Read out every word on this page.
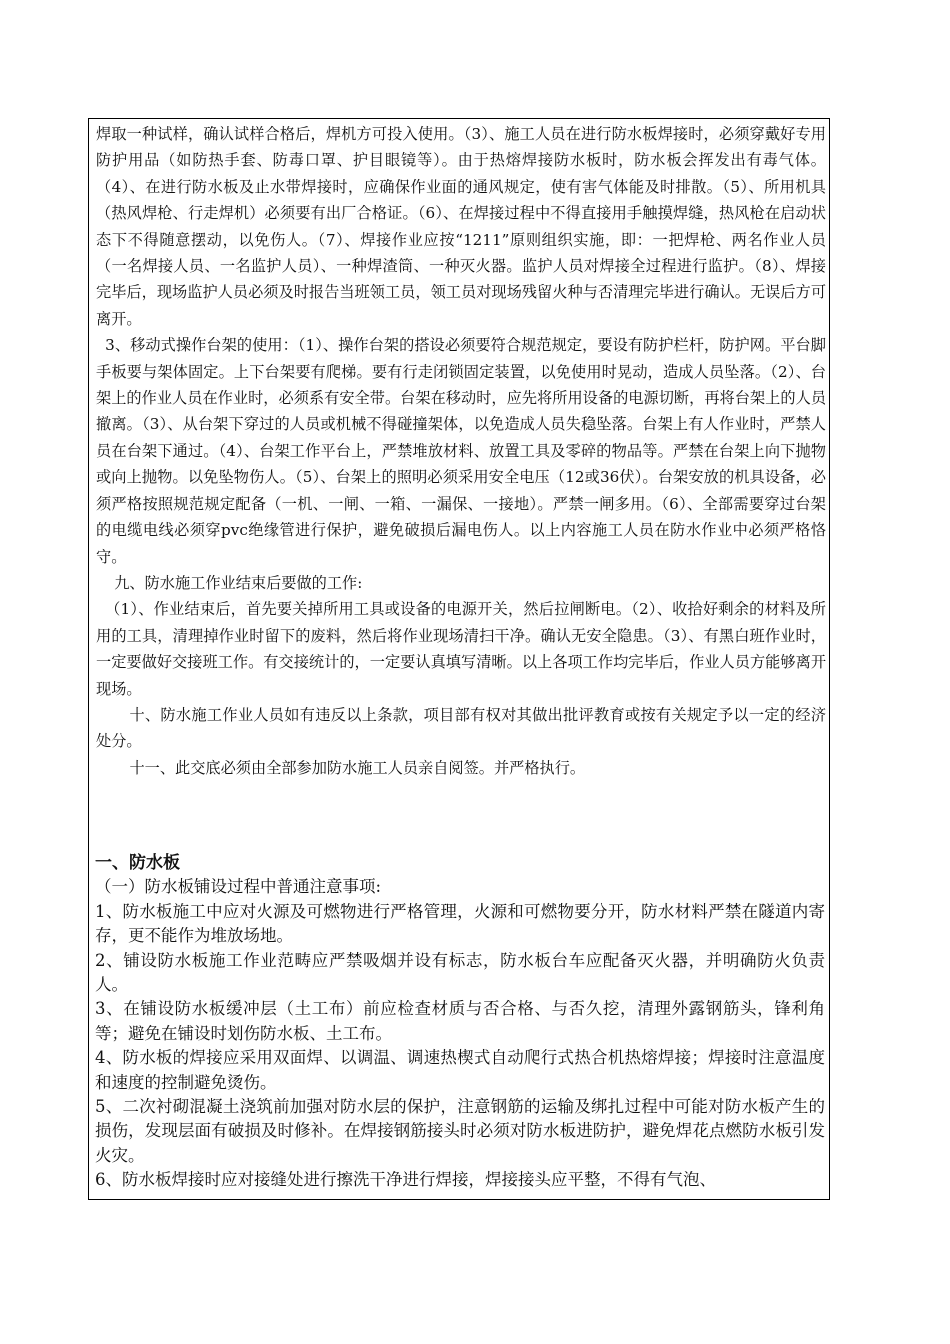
焊取一种试样，确认试样合格后，焊机方可投入使用。（3）、施工人员在进行防水板焊接时，必须穿戴好专用防护用品（如防热手套、防毒口罩、护目眼镜等）。由于热熔焊接防水板时，防水板会挥发出有毒气体。（4）、在进行防水板及止水带焊接时，应确保作业面的通风规定，使有害气体能及时排散。（5）、所用机具（热风焊枪、行走焊机）必须要有出厂合格证。（6）、在焊接过程中不得直接用手触摸焊缝，热风枪在启动状态下不得随意摆动，以免伤人。（7）、焊接作业应按“1211”原则组织实施，即：一把焊枪、两名作业人员（一名焊接人员、一名监护人员）、一种焊渣筒、一种灭火器。监护人员对焊接全过程进行监护。（8）、焊接完毕后，现场监护人员必须及时报告当班领工员，领工员对现场残留火种与否清理完毕进行确认。无误后方可离开。

3、移动式操作台架的使用：（1）、操作台架的搭设必须要符合规范规定，要设有防护栏杆，防护网。平台脚手板要与架体固定。上下台架要有爬梯。要有行走闭锁固定装置，以免使用时晃动，造成人员坠落。（2）、台架上的作业人员在作业时，必须系有安全带。台架在移动时，应先将所用设备的电源切断，再将台架上的人员撤离。（3）、从台架下穿过的人员或机械不得碰撞架体，以免造成人员失稳坠落。台架上有人作业时，严禁人员在台架下通过。（4）、台架工作平台上，严禁堆放材料、放置工具及零碎的物品等。严禁在台架上向下抛物或向上抛物。以免坠物伤人。（5）、台架上的照明必须采用安全电压（12或36伏）。台架安放的机具设备，必须严格按照规范规定配备（一机、一闸、一箱、一漏保、一接地）。严禁一闸多用。（6）、全部需要穿过台架的电缆电线必须穿pvc绝缘管进行保护，避免破损后漏电伤人。以上内容施工人员在防水作业中必须严格恪守。

九、防水施工作业结束后要做的工作:

（1）、作业结束后，首先要关掉所用工具或设备的电源开关，然后拉闸断电。（2）、收拾好剩余的材料及所用的工具，清理掉作业时留下的废料，然后将作业现场清扫干净。确认无安全隐患。（3）、有黑白班作业时，一定要做好交接班工作。有交接统计的，一定要认真填写清晰。以上各项工作均完毕后，作业人员方能够离开现场。

十、防水施工作业人员如有违反以上条款，项目部有权对其做出批评教育或按有关规定予以一定的经济处分。

十一、此交底必须由全部参加防水施工人员亲自阅签。并严格执行。

一、防水板

（一）防水板铺设过程中普通注意事项:

1、防水板施工中应对火源及可燃物进行严格管理，火源和可燃物要分开，防水材料严禁在隧道内寄存，更不能作为堆放场地。

2、铺设防水板施工作业范畴应严禁吸烟并设有标志，防水板台车应配备灭火器，并明确防火负责人。

3、在铺设防水板缓冲层（土工布）前应检查材质与否合格、与否久挖，清理外露钢筋头，锋利角等；避免在铺设时划伤防水板、土工布。

4、防水板的焊接应采用双面焊、以调温、调速热楔式自动爬行式热合机热熔焊接；焊接时注意温度和速度的控制避免烫伤。

5、二次衬砌混凝土浇筑前加强对防水层的保护，注意钢筋的运输及绑扎过程中可能对防水板产生的损伤，发现层面有破损及时修补。在焊接钢筋接头时必须对防水板进防护，避免焊花点燃防水板引发火灾。

6、防水板焊接时应对接缝处进行擦洗干净进行焊接，焊接接头应平整，不得有气泡、
